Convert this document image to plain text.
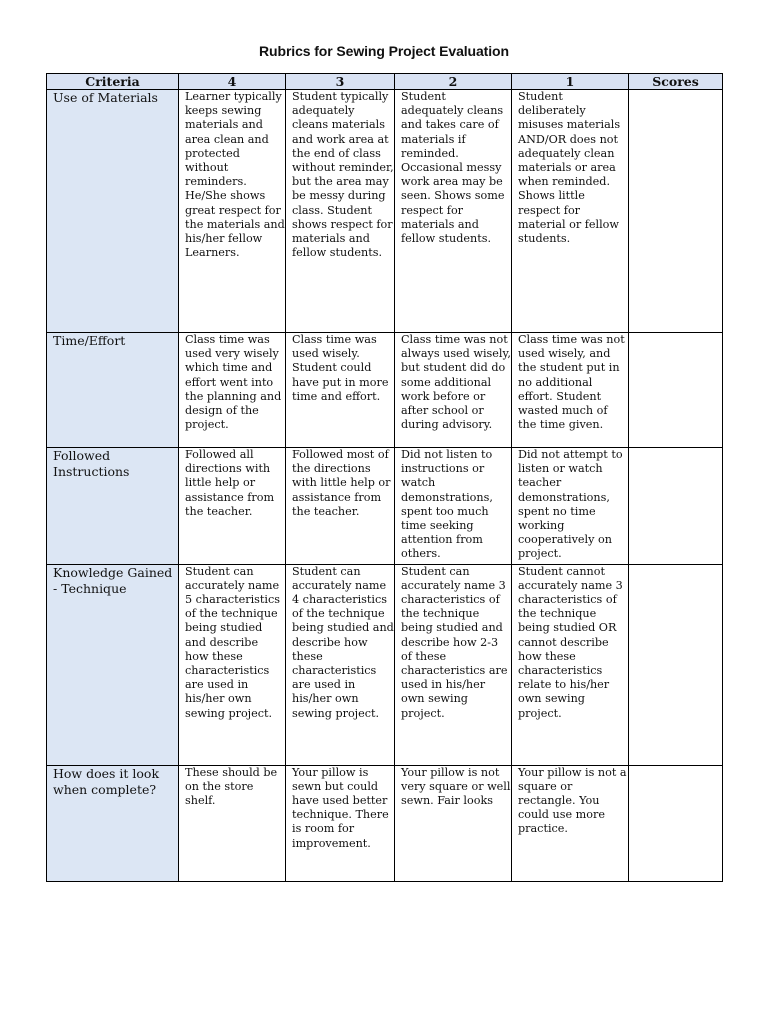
Rubrics for Sewing Project Evaluation
Criteria	4	3	2	1	Scores
Use of Materials	Learner typically keeps sewing materials and area clean and protected without reminders. He/She shows great respect for the materials and his/her fellow Learners.	Student typically adequately cleans materials and work area at the end of class without reminder, but the area may be messy during class. Student shows respect for materials and fellow students.	Student adequately cleans and takes care of materials if reminded. Occasional messy work area may be seen. Shows some respect for materials and fellow students.	Student deliberately misuses materials AND/OR does not adequately clean materials or area when reminded. Shows little respect for material or fellow students.	
Time/Effort	Class time was used very wisely which time and effort went into the planning and design of the project.	Class time was used wisely. Student could have put in more time and effort.	Class time was not always used wisely, but student did do some additional work before or after school or during advisory.	Class time was not used wisely, and the student put in no additional effort. Student wasted much of the time given.	
Followed Instructions	Followed all directions with little help or assistance from the teacher.	Followed most of the directions with little help or assistance from the teacher.	Did not listen to instructions or watch demonstrations, spent too much time seeking attention from others.	Did not attempt to listen or watch teacher demonstrations, spent no time working cooperatively on project.	
Knowledge Gained - Technique	Student can accurately name 5 characteristics of the technique being studied and describe how these characteristics are used in his/her own sewing project.	Student can accurately name 4 characteristics of the technique being studied and describe how these characteristics are used in his/her own sewing project.	Student can accurately name 3 characteristics of the technique being studied and describe how 2-3 of these characteristics are used in his/her own sewing project.	Student cannot accurately name 3 characteristics of the technique being studied OR cannot describe how these characteristics relate to his/her own sewing project.	
How does it look when complete?	These should be on the store shelf.	Your pillow is sewn but could have used better technique. There is room for improvement.	Your pillow is not very square or well sewn. Fair looks	Your pillow is not a square or rectangle. You could use more practice.	
